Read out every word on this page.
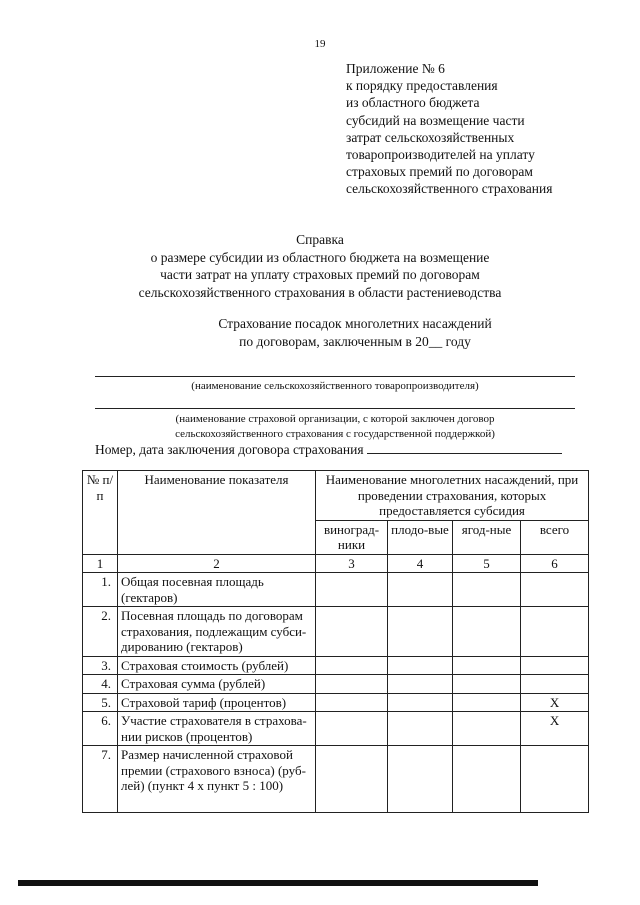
19
Приложение № 6
к порядку предоставления
из областного бюджета
субсидий на возмещение части
затрат сельскохозяйственных
товаропроизводителей на уплату
страховых премий по договорам
сельскохозяйственного страхования
Справка
о размере субсидии из областного бюджета на возмещение
части затрат на уплату страховых премий по договорам
сельскохозяйственного страхования в области растениеводства
Страхование посадок многолетних насаждений
по договорам, заключенным в 20__ году
(наименование сельскохозяйственного товаропроизводителя)
(наименование страховой организации, с которой заключен договор
сельскохозяйственного страхования с государственной поддержкой)
Номер, дата заключения договора страхования
№ п/п	Наименование показателя	Наименование многолетних насаждений, при проведении страхования, которых предоставляется субсидия			
		виноград-ники	плодо-вые	ягод-ные	всего
1	2	3	4	5	6
1.	Общая посевная площадь (гектаров)				
2.	Посевная площадь по договорам страхования, подлежащим субси-дированию (гектаров)				
3.	Страховая стоимость (рублей)				
4.	Страховая сумма (рублей)				
5.	Страховой тариф (процентов)				Х
6.	Участие страхователя в страхова-нии рисков (процентов)				Х
7.	Размер начисленной страховой премии (страхового взноса) (руб-лей) (пункт 4 х пункт 5 : 100)				
